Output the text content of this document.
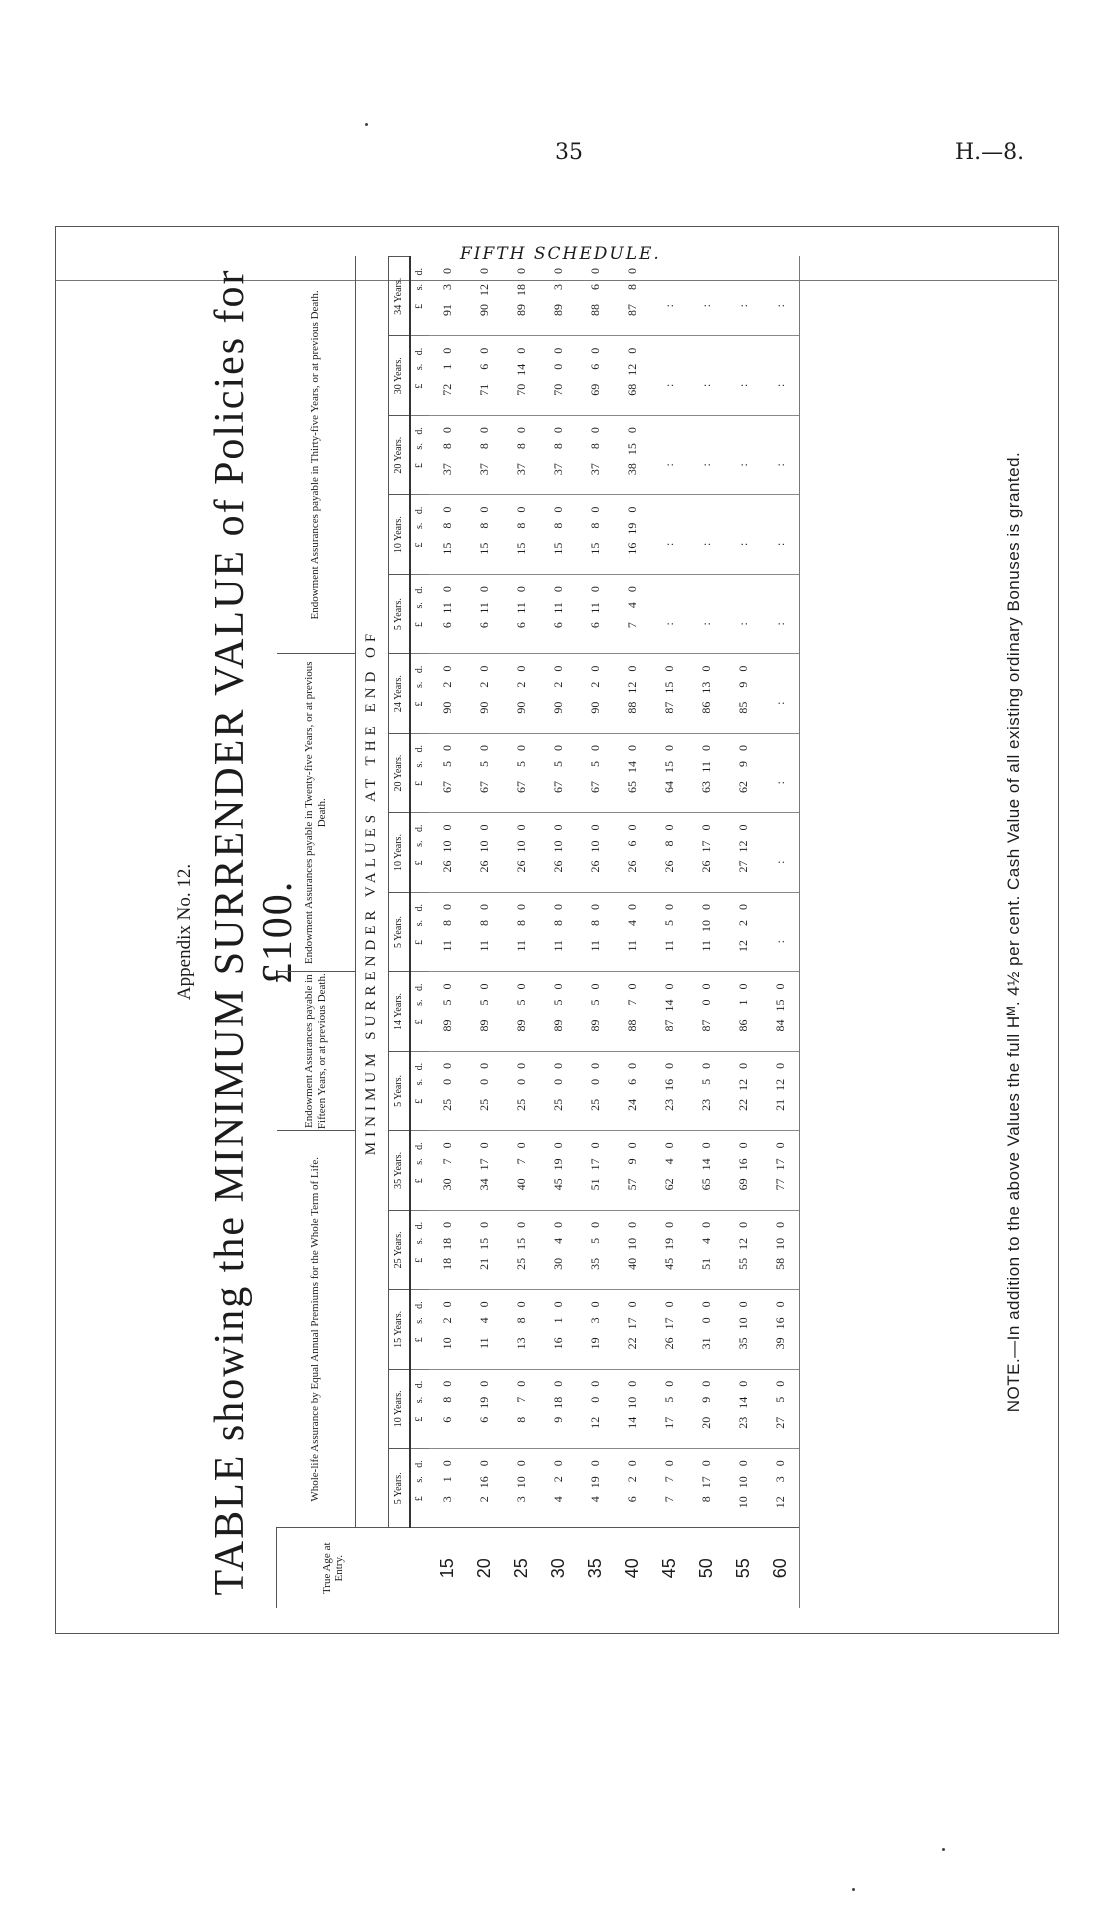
35	H.—8.
FIFTH SCHEDULE.
Appendix No. 12.
TABLE showing the MINIMUM SURRENDER VALUE of Policies for £100.
True Age at Entry.	Whole-life Assurance by Equal Annual Premiums for the Whole Term of Life.					Endowment Assurances payable in Fifteen Years, or at previous Death.		Endowment Assurances payable in Twenty-five Years, or at previous Death.				Endowment Assurances payable in Thirty-five Years, or at previous Death.				
	MINIMUM SURRENDER VALUES AT THE END OF															
	5 Years.	10 Years.	15 Years.	25 Years.	35 Years.	5 Years.	14 Years.	5 Years.	10 Years.	20 Years.	24 Years.	5 Years.	10 Years.	20 Years.	30 Years.	34 Years.
	£s.d.	£s.d.	£s.d.	£s.d.	£s.d.	£s.d.	£s.d.	£s.d.	£s.d.	£s.d.	£s.d.	£s.d.	£s.d.	£s.d.	£s.d.	£s.d.
15	310	680	1020	18180	3070	2500	8950	1180	26100	6750	9020	6110	1580	3780	7210	9130
20	2160	6190	1140	21150	34170	2500	8950	1180	26100	6750	9020	6110	1580	3780	7160	90120
25	3100	870	1380	25150	4070	2500	8950	1180	26100	6750	9020	6110	1580	3780	70140	89180
30	420	9180	1610	3040	45190	2500	8950	1180	26100	6750	9020	6110	1580	3780	7000	8930
35	4190	1200	1930	3550	51170	2500	8950	1180	26100	6750	9020	6110	1580	3780	6960	8860
40	620	14100	22170	40100	5790	2460	8870	1140	2660	65140	88120	740	16190	38150	68120	8780
45	770	1750	26170	45190	6240	23160	87140	1150	2680	64150	87150	:	:	:	:	:
50	8170	2090	3100	5140	65140	2350	8700	11100	26170	63110	86130	:	:	:	:	:
55	10100	23140	35100	55120	69160	22120	8610	1220	27120	6290	8590	:	:	:	:	:
60	1230	2750	39160	58100	77170	21120	84150	:	:	:	:	:	:	:	:	:
NOTE.—In addition to the above Values the full Hᴹ. 4½ per cent. Cash Value of all existing ordinary Bonuses is granted.
